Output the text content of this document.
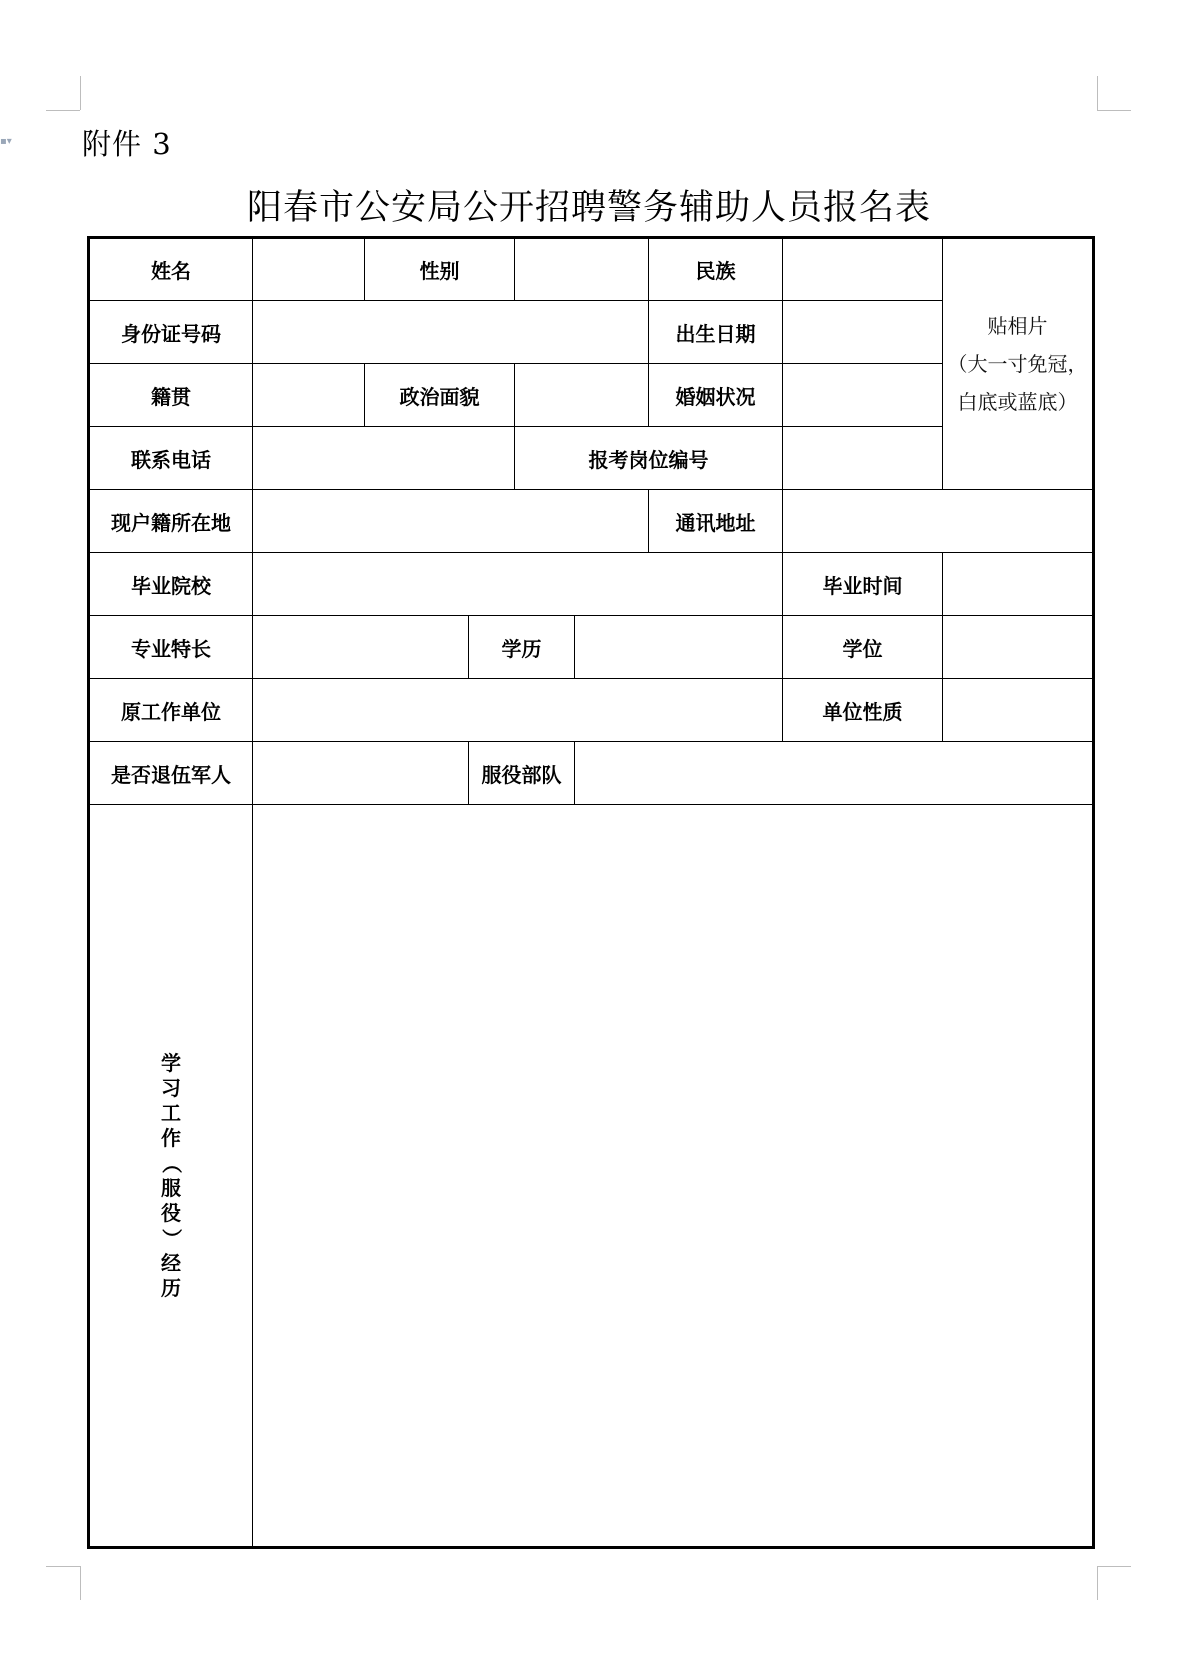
▪▾ 附件 3
阳春市公安局公开招聘警务辅助人员报名表
姓名		性别				民族		贴相片
（大一寸免冠，
白底或蓝底）

身份证号码						出生日期		
籍贯		政治面貌				婚姻状况		
联系电话				报考岗位编号				
现户籍所在地						通讯地址		
毕业院校							毕业时间	
专业特长			学历				学位	
原工作单位							单位性质	
是否退伍军人			服役部队					
学习工作（服役）经历								
